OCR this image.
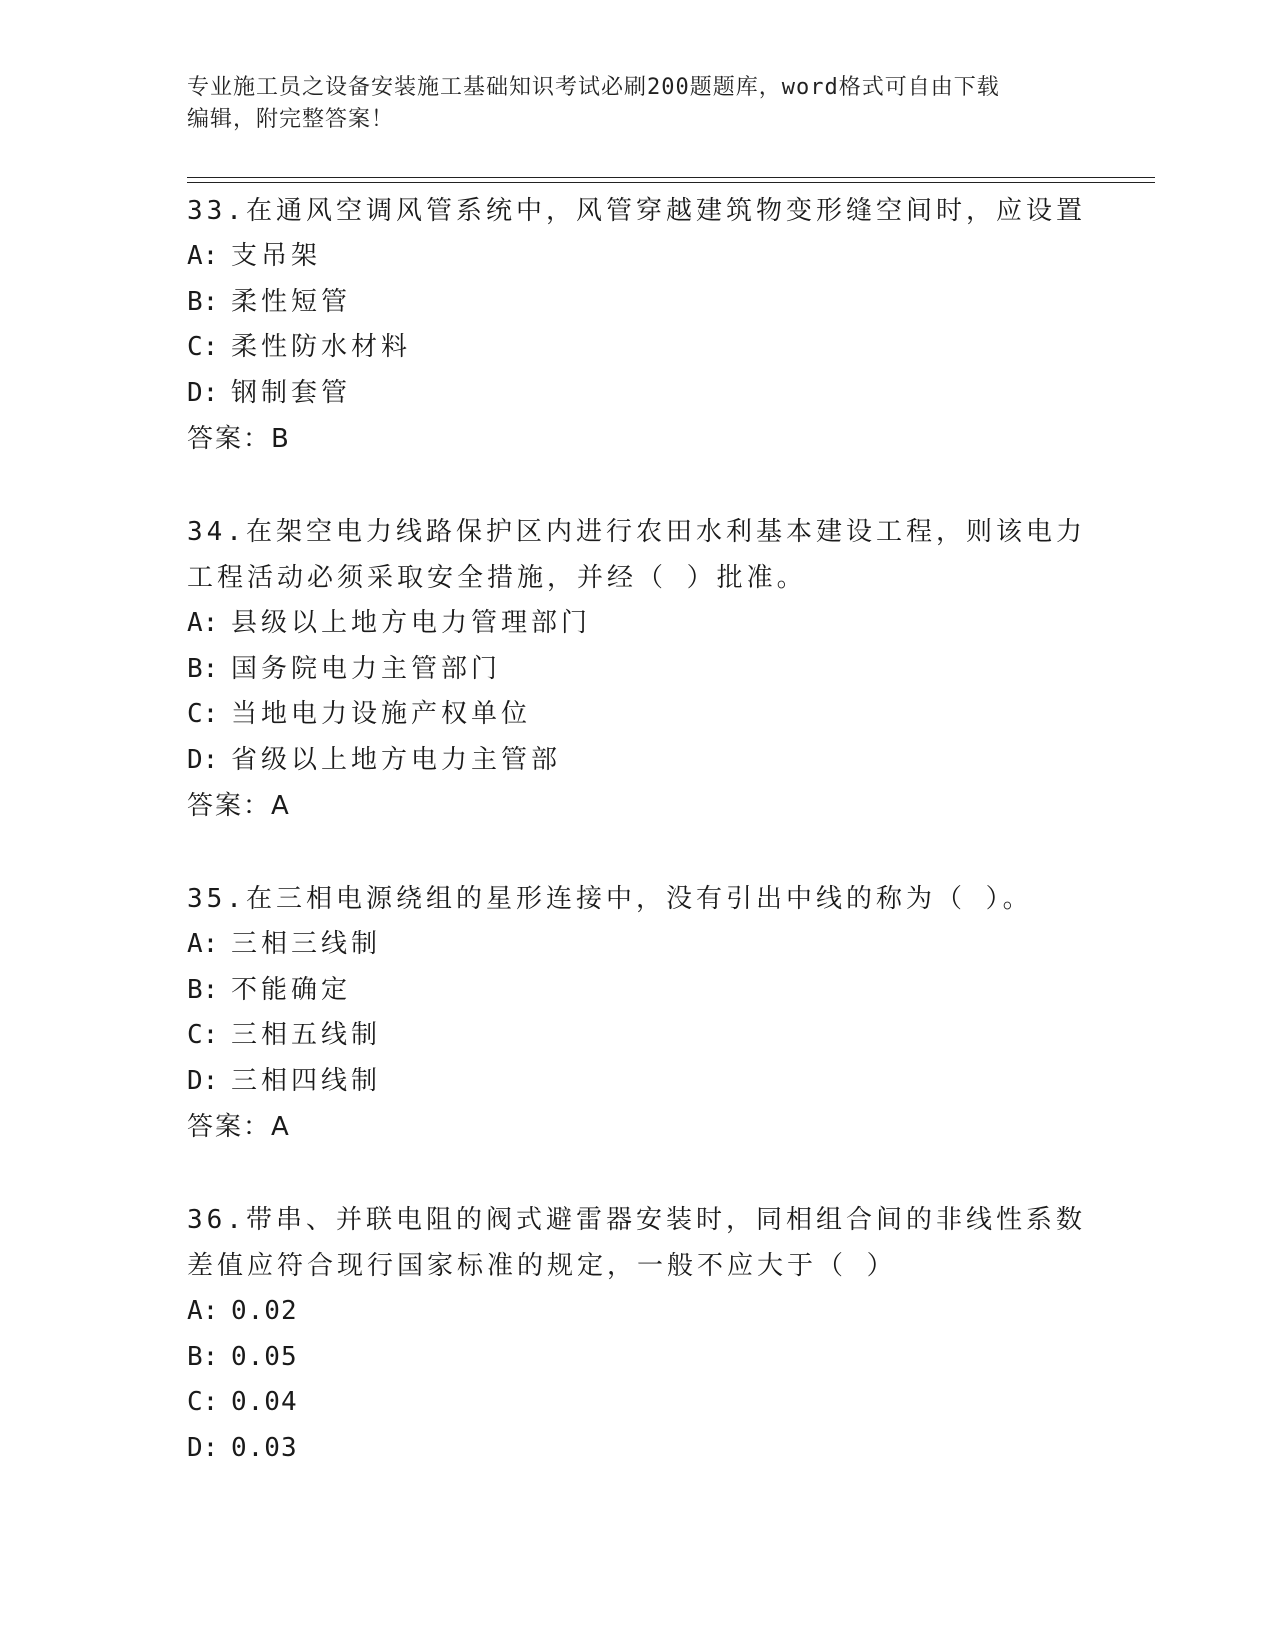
专业施工员之设备安装施工基础知识考试必刷200题题库，word格式可自由下载
编辑，附完整答案！

33.在通风空调风管系统中，风管穿越建筑物变形缝空间时，应设置

A: 支吊架

B: 柔性短管

C: 柔性防水材料

D: 钢制套管

答案：B

34.在架空电力线路保护区内进行农田水利基本建设工程，则该电力工程活动必须采取安全措施，并经（ ）批准。

A: 县级以上地方电力管理部门

B: 国务院电力主管部门

C: 当地电力设施产权单位

D: 省级以上地方电力主管部

答案：A

35.在三相电源绕组的星形连接中，没有引出中线的称为（ ）。

A: 三相三线制

B: 不能确定

C: 三相五线制

D: 三相四线制

答案：A

36.带串、并联电阻的阀式避雷器安装时，同相组合间的非线性系数差值应符合现行国家标准的规定，一般不应大于（ ）

A: 0.02

B: 0.05

C: 0.04

D: 0.03
